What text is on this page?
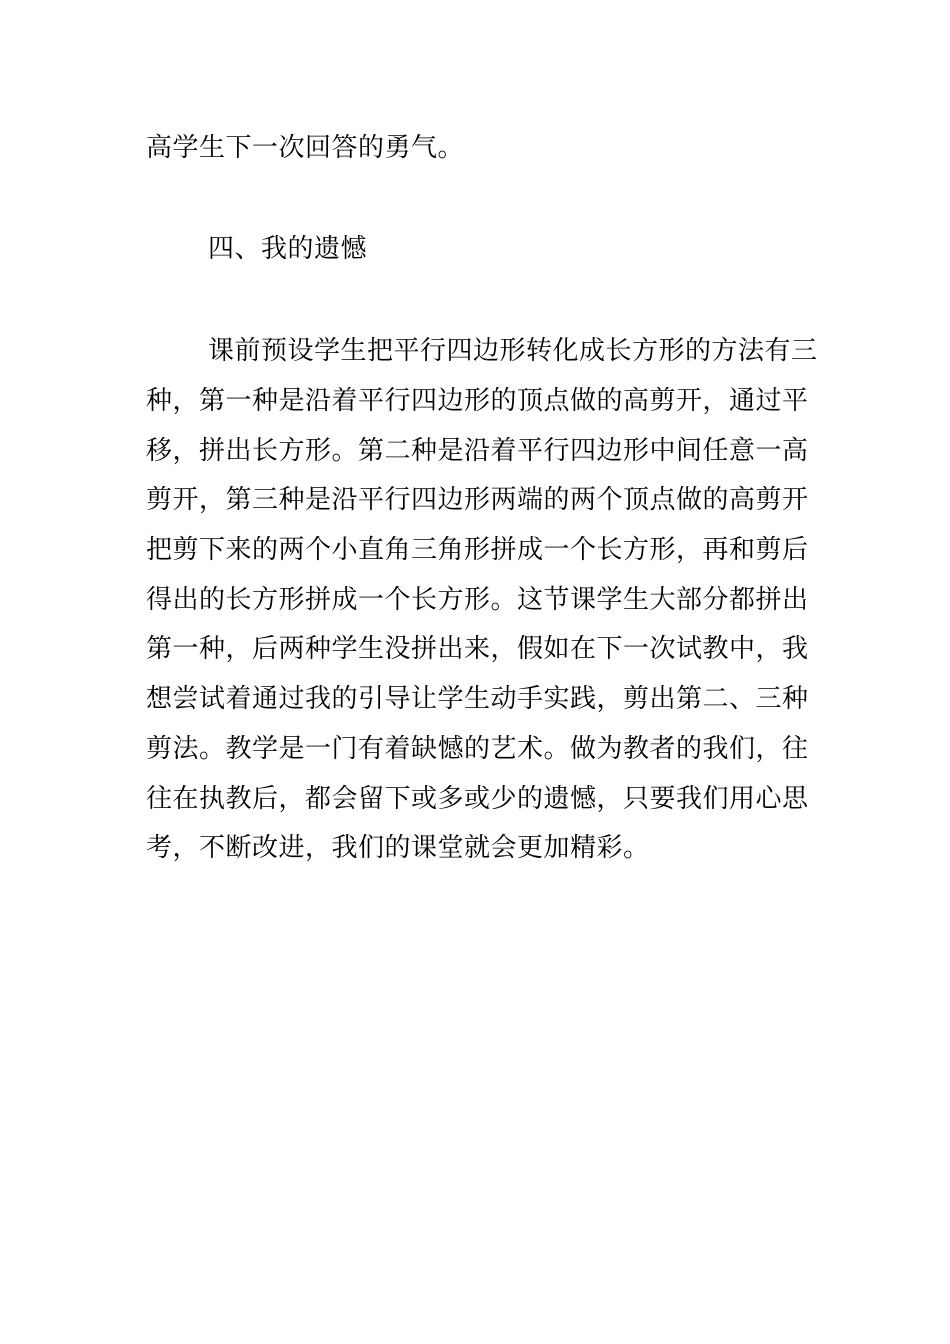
高学生下一次回答的勇气。
四、我的遗憾
课前预设学生把平行四边形转化成长方形的方法有三
种，第一种是沿着平行四边形的顶点做的高剪开，通过平
移，拼出长方形。第二种是沿着平行四边形中间任意一高
剪开，第三种是沿平行四边形两端的两个顶点做的高剪开
把剪下来的两个小直角三角形拼成一个长方形，再和剪后
得出的长方形拼成一个长方形。这节课学生大部分都拼出
第一种，后两种学生没拼出来，假如在下一次试教中，我
想尝试着通过我的引导让学生动手实践，剪出第二、三种
剪法。教学是一门有着缺憾的艺术。做为教者的我们，往
往在执教后，都会留下或多或少的遗憾，只要我们用心思
考，不断改进，我们的课堂就会更加精彩。
